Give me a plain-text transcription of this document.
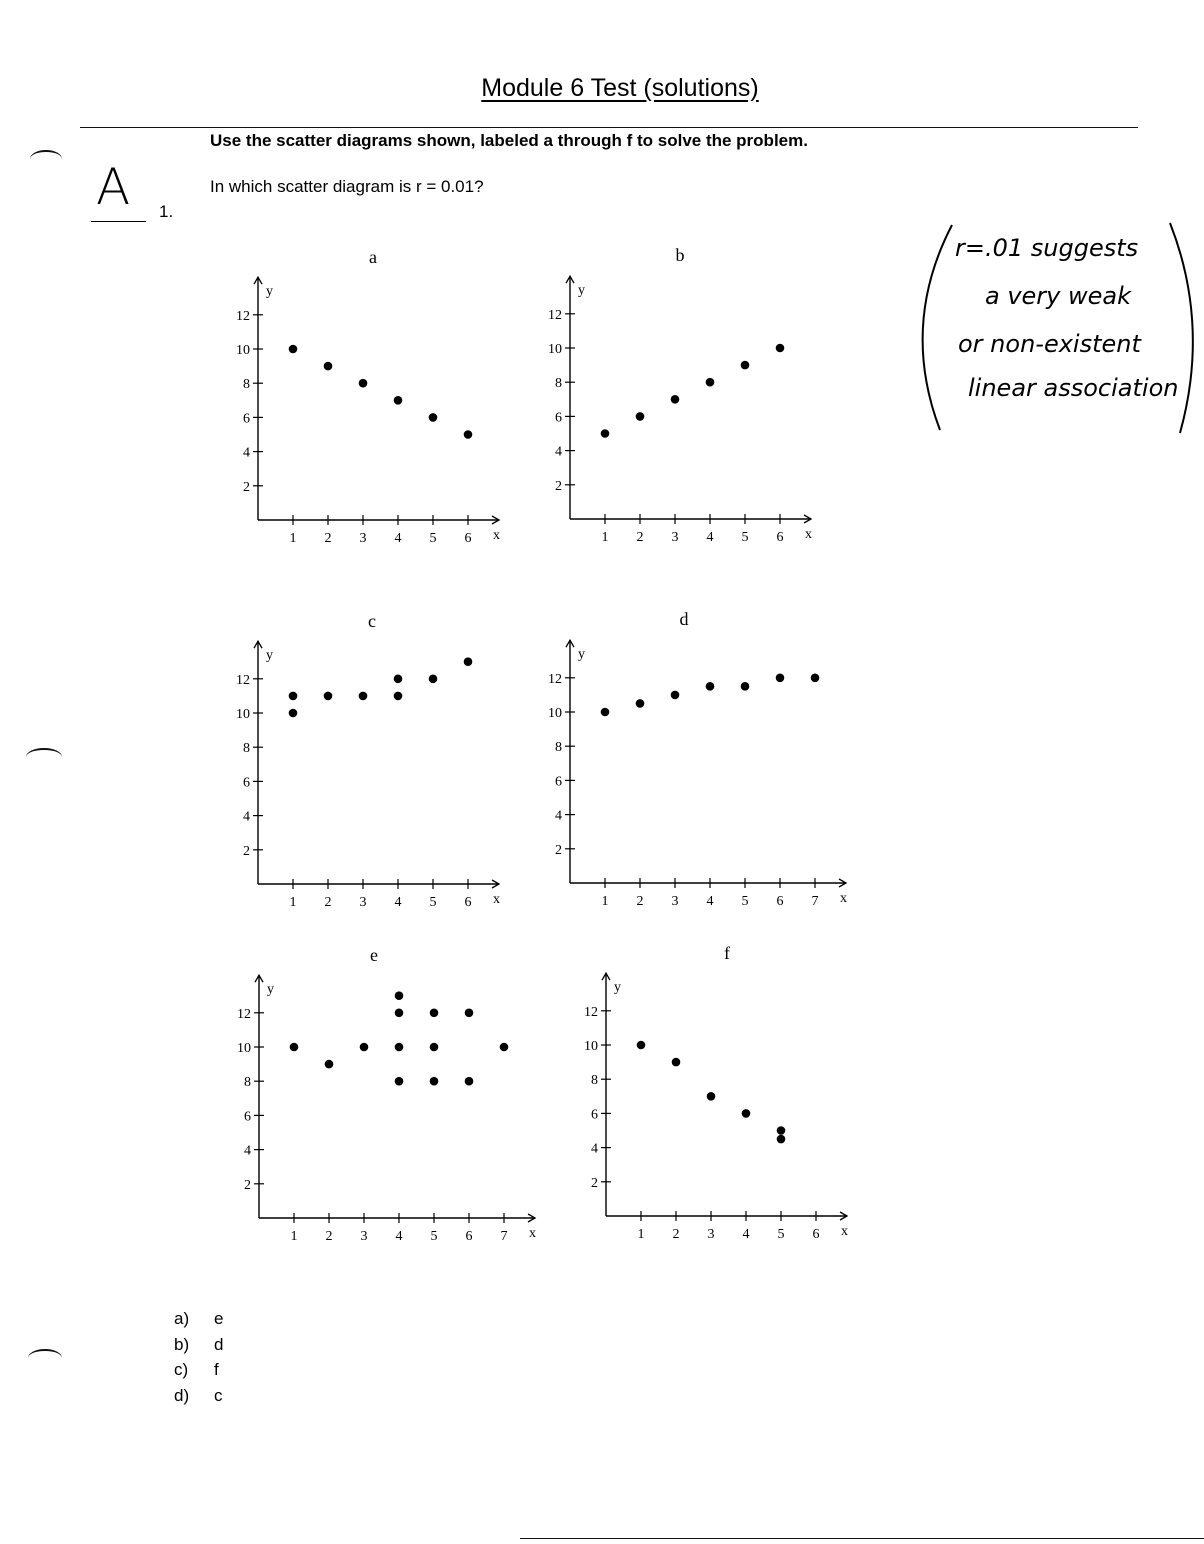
Module 6 Test (solutions)
A 1.
Use the scatter diagrams shown, labeled a through f to solve the problem.
In which scatter diagram is r = 0.01?
r=.01 suggests
a very weak
or non-existent
linear association
a
x
y
1 2 3 4 5 6
2
4
6
8
10
12
b
x
y
1 2 3 4 5 6
2
4
6
8
10
12
c
x
y
1 2 3 4 5 6
2
4
6
8
10
12
d
x
y
1 2 3 4 5 6 7
2
4
6
8
10
12
e
x
y
1 2 3 4 5 6 7
2
4
6
8
10
12
f
x
y
1 2 3 4 5 6
2
4
6
8
10
12
a)	e
b)	d
c)	f
d)	c
